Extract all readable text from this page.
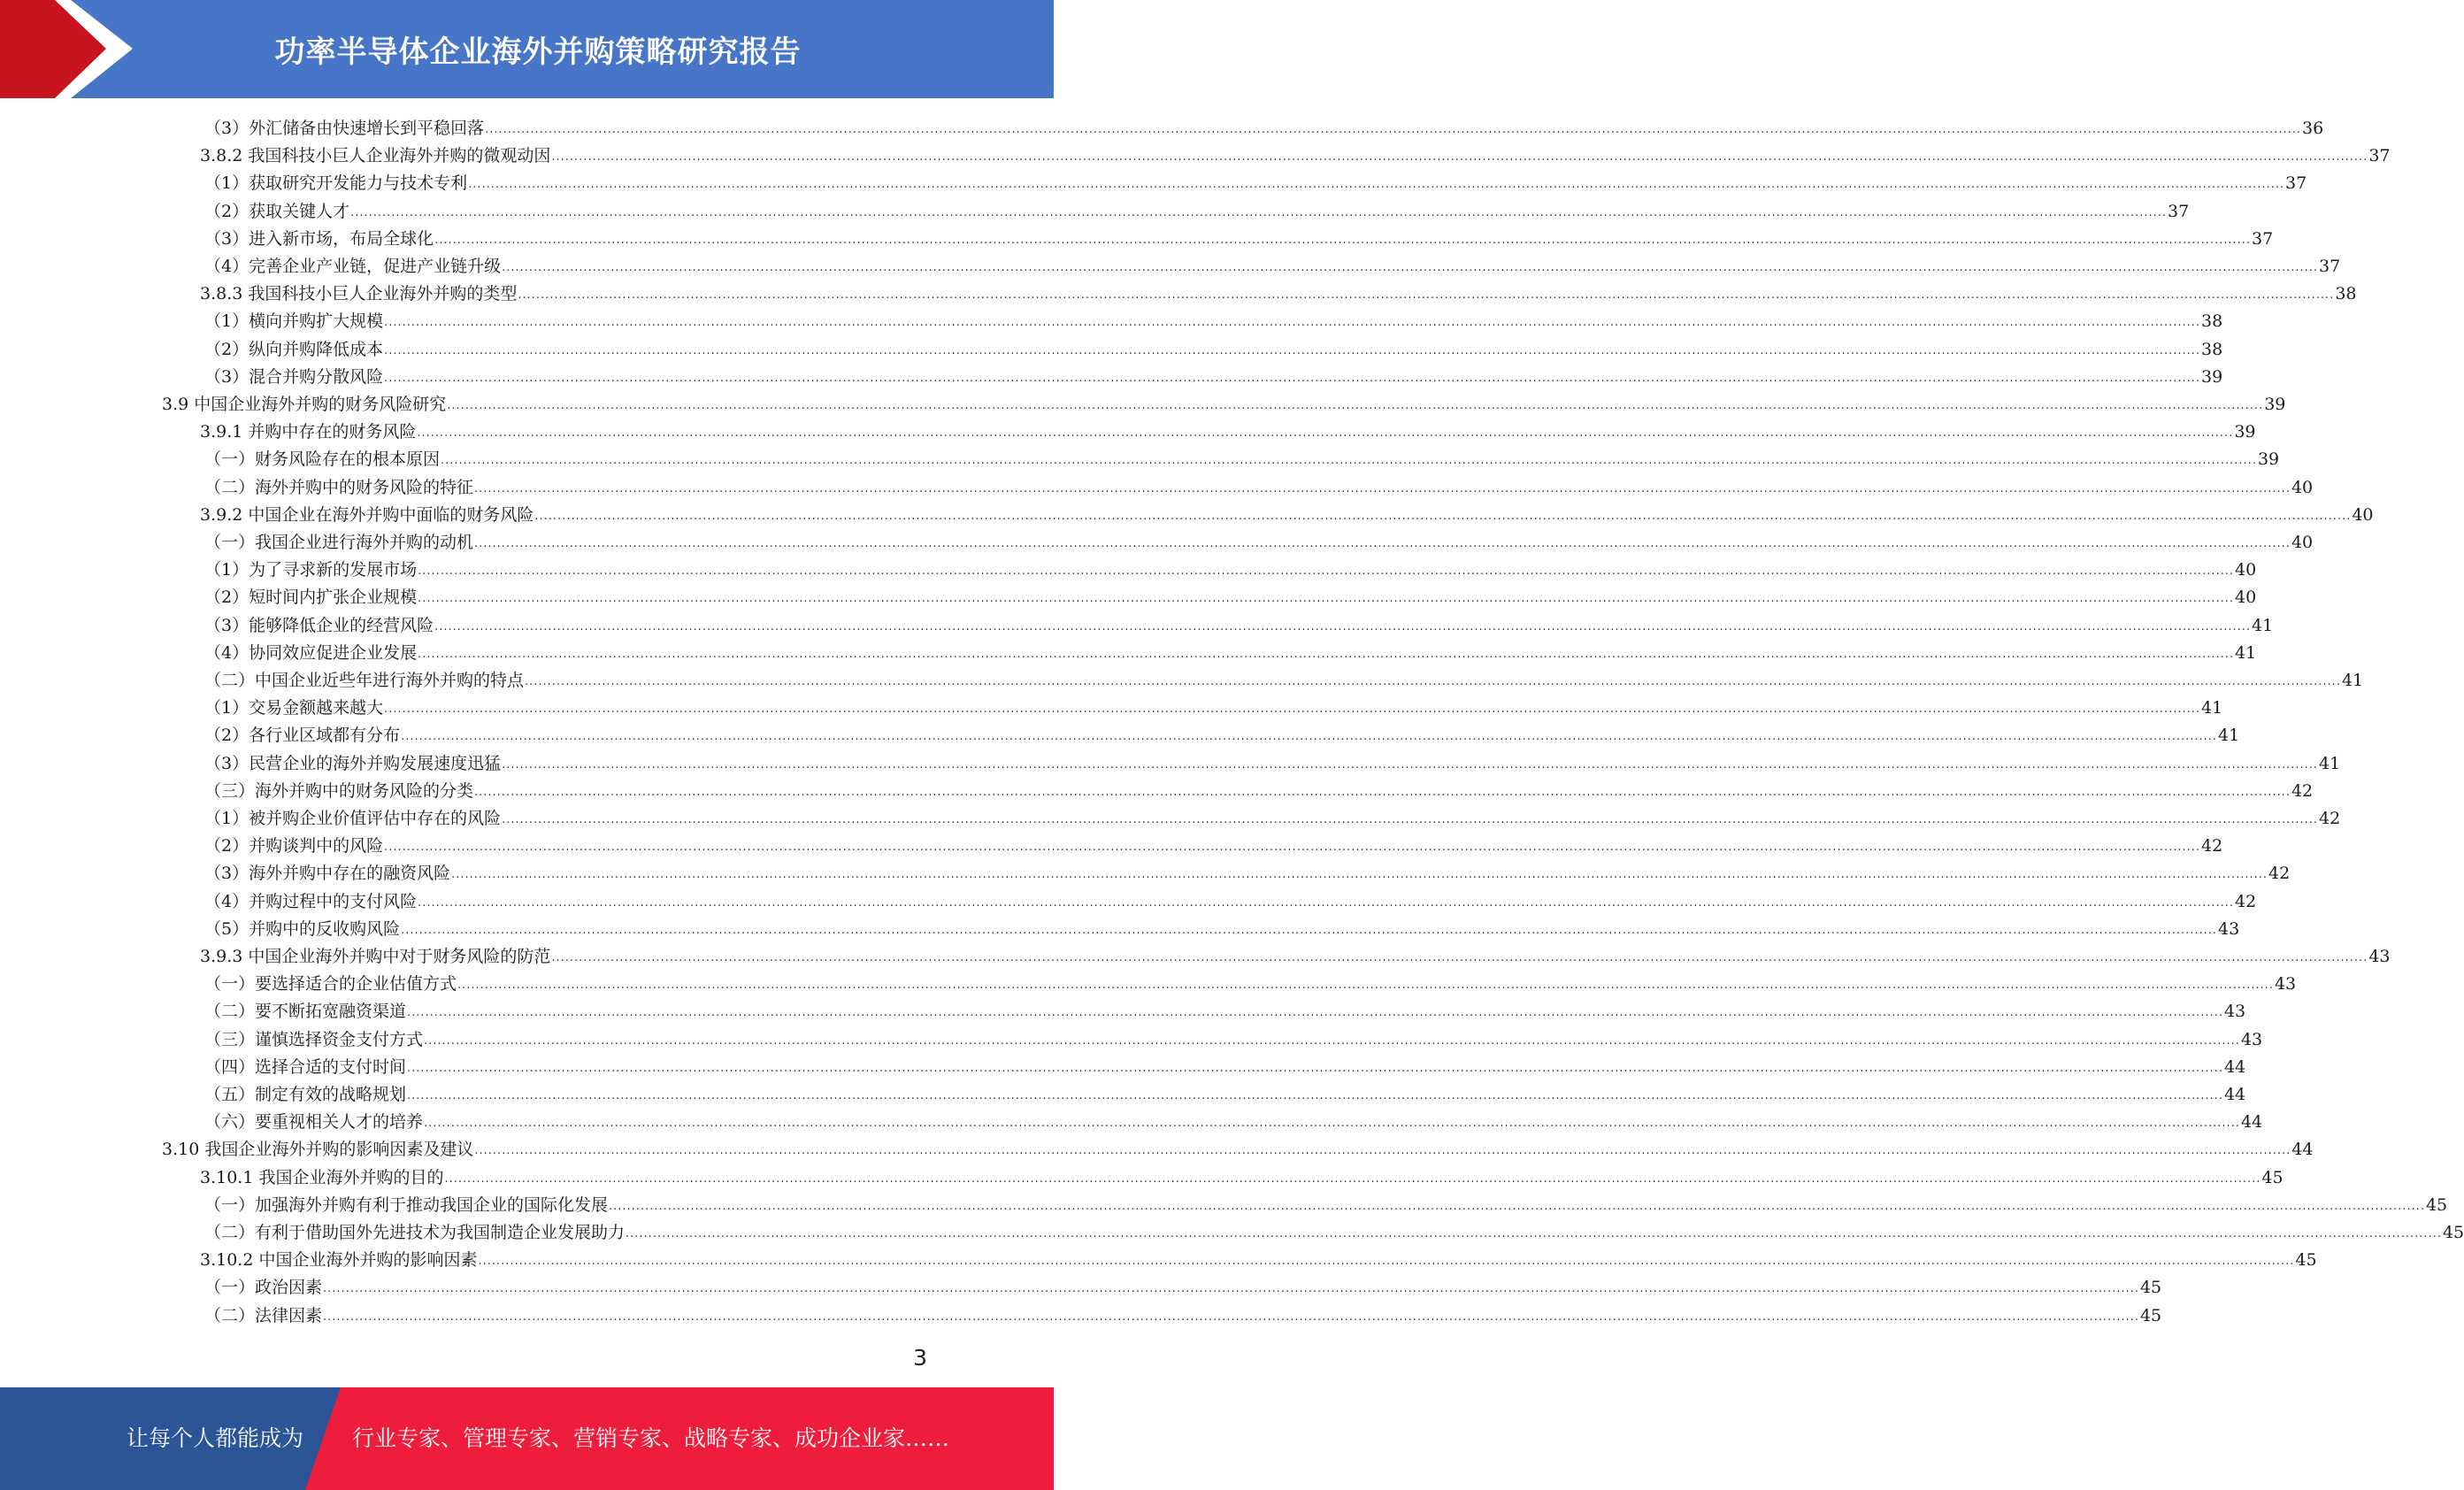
功率半导体企业海外并购策略研究报告
（3）外汇储备由快速增长到平稳回落 ................................................................................................................................................................................................................................................................................................................................................................................................................ 36
3.8.2 我国科技小巨人企业海外并购的微观动因 ................................................................................................................................................................................................................................................................................................................................................................................................................ 37
（1）获取研究开发能力与技术专利 ................................................................................................................................................................................................................................................................................................................................................................................................................ 37
（2）获取关键人才 ................................................................................................................................................................................................................................................................................................................................................................................................................ 37
（3）进入新市场，布局全球化 ................................................................................................................................................................................................................................................................................................................................................................................................................ 37
（4）完善企业产业链，促进产业链升级 ................................................................................................................................................................................................................................................................................................................................................................................................................ 37
3.8.3 我国科技小巨人企业海外并购的类型 ................................................................................................................................................................................................................................................................................................................................................................................................................ 38
（1）横向并购扩大规模 ................................................................................................................................................................................................................................................................................................................................................................................................................ 38
（2）纵向并购降低成本 ................................................................................................................................................................................................................................................................................................................................................................................................................ 38
（3）混合并购分散风险 ................................................................................................................................................................................................................................................................................................................................................................................................................ 39
3.9 中国企业海外并购的财务风险研究 ................................................................................................................................................................................................................................................................................................................................................................................................................ 39
3.9.1 并购中存在的财务风险 ................................................................................................................................................................................................................................................................................................................................................................................................................ 39
（一）财务风险存在的根本原因 ................................................................................................................................................................................................................................................................................................................................................................................................................ 39
（二）海外并购中的财务风险的特征 ................................................................................................................................................................................................................................................................................................................................................................................................................ 40
3.9.2 中国企业在海外并购中面临的财务风险 ................................................................................................................................................................................................................................................................................................................................................................................................................ 40
（一）我国企业进行海外并购的动机 ................................................................................................................................................................................................................................................................................................................................................................................................................ 40
（1）为了寻求新的发展市场 ................................................................................................................................................................................................................................................................................................................................................................................................................ 40
（2）短时间内扩张企业规模 ................................................................................................................................................................................................................................................................................................................................................................................................................ 40
（3）能够降低企业的经营风险 ................................................................................................................................................................................................................................................................................................................................................................................................................ 41
（4）协同效应促进企业发展 ................................................................................................................................................................................................................................................................................................................................................................................................................ 41
（二）中国企业近些年进行海外并购的特点 ................................................................................................................................................................................................................................................................................................................................................................................................................ 41
（1）交易金额越来越大 ................................................................................................................................................................................................................................................................................................................................................................................................................ 41
（2）各行业区域都有分布 ................................................................................................................................................................................................................................................................................................................................................................................................................ 41
（3）民营企业的海外并购发展速度迅猛 ................................................................................................................................................................................................................................................................................................................................................................................................................ 41
（三）海外并购中的财务风险的分类 ................................................................................................................................................................................................................................................................................................................................................................................................................ 42
（1）被并购企业价值评估中存在的风险 ................................................................................................................................................................................................................................................................................................................................................................................................................ 42
（2）并购谈判中的风险 ................................................................................................................................................................................................................................................................................................................................................................................................................ 42
（3）海外并购中存在的融资风险 ................................................................................................................................................................................................................................................................................................................................................................................................................ 42
（4）并购过程中的支付风险 ................................................................................................................................................................................................................................................................................................................................................................................................................ 42
（5）并购中的反收购风险 ................................................................................................................................................................................................................................................................................................................................................................................................................ 43
3.9.3 中国企业海外并购中对于财务风险的防范 ................................................................................................................................................................................................................................................................................................................................................................................................................ 43
（一）要选择适合的企业估值方式 ................................................................................................................................................................................................................................................................................................................................................................................................................ 43
（二）要不断拓宽融资渠道 ................................................................................................................................................................................................................................................................................................................................................................................................................ 43
（三）谨慎选择资金支付方式 ................................................................................................................................................................................................................................................................................................................................................................................................................ 43
（四）选择合适的支付时间 ................................................................................................................................................................................................................................................................................................................................................................................................................ 44
（五）制定有效的战略规划 ................................................................................................................................................................................................................................................................................................................................................................................................................ 44
（六）要重视相关人才的培养 ................................................................................................................................................................................................................................................................................................................................................................................................................ 44
3.10 我国企业海外并购的影响因素及建议 ................................................................................................................................................................................................................................................................................................................................................................................................................ 44
3.10.1 我国企业海外并购的目的 ................................................................................................................................................................................................................................................................................................................................................................................................................ 45
（一）加强海外并购有利于推动我国企业的国际化发展 ................................................................................................................................................................................................................................................................................................................................................................................................................ 45
（二）有利于借助国外先进技术为我国制造企业发展助力 ................................................................................................................................................................................................................................................................................................................................................................................................................ 45
3.10.2 中国企业海外并购的影响因素 ................................................................................................................................................................................................................................................................................................................................................................................................................ 45
（一）政治因素 ................................................................................................................................................................................................................................................................................................................................................................................................................ 45
（二）法律因素 ................................................................................................................................................................................................................................................................................................................................................................................................................ 45
3
让每个人都能成为 行业专家、管理专家、营销专家、战略专家、成功企业家……
